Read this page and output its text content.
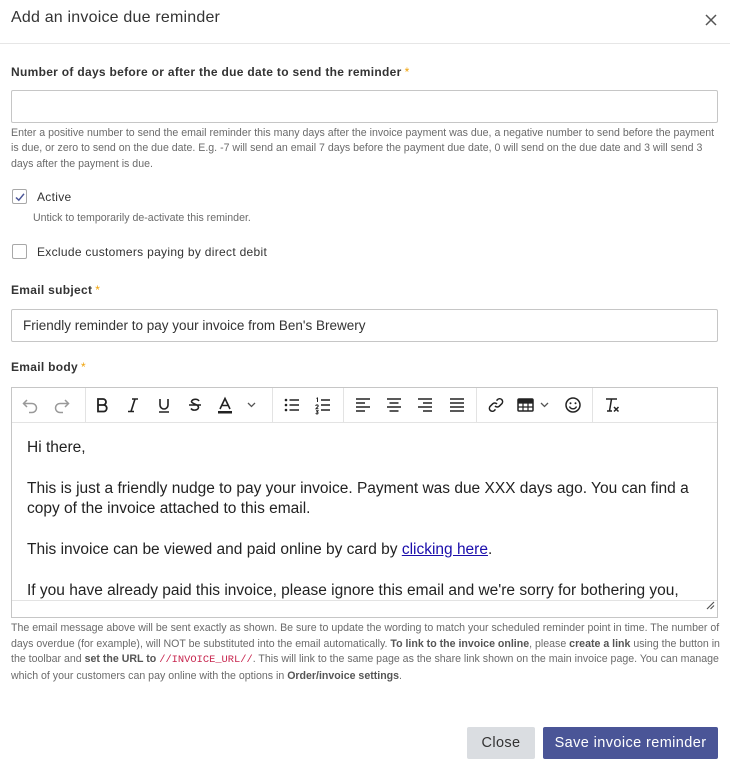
Add an invoice due reminder
Number of days before or after the due date to send the reminder *
Enter a positive number to send the email reminder this many days after the invoice payment was due, a negative number to send before the payment is due, or zero to send on the due date. E.g. -7 will send an email 7 days before the payment due date, 0 will send on the due date and 3 will send 3 days after the payment is due.
Active
Untick to temporarily de-activate this reminder.
Exclude customers paying by direct debit
Email subject *
Friendly reminder to pay your invoice from Ben's Brewery
Email body *

Hi there,

This is just a friendly nudge to pay your invoice. Payment was due XXX days ago. You can find a copy of the invoice attached to this email.

This invoice can be viewed and paid online by card by clicking here.

If you have already paid this invoice, please ignore this email and we're sorry for bothering you,

The email message above will be sent exactly as shown. Be sure to update the wording to match your scheduled reminder point in time. The number of days overdue (for example), will NOT be substituted into the email automatically. To link to the invoice online, please create a link using the button in the toolbar and set the URL to //INVOICE_URL//. This will link to the same page as the share link shown on the main invoice page. You can manage which of your customers can pay online with the options in Order/invoice settings.
Close	Save invoice reminder
